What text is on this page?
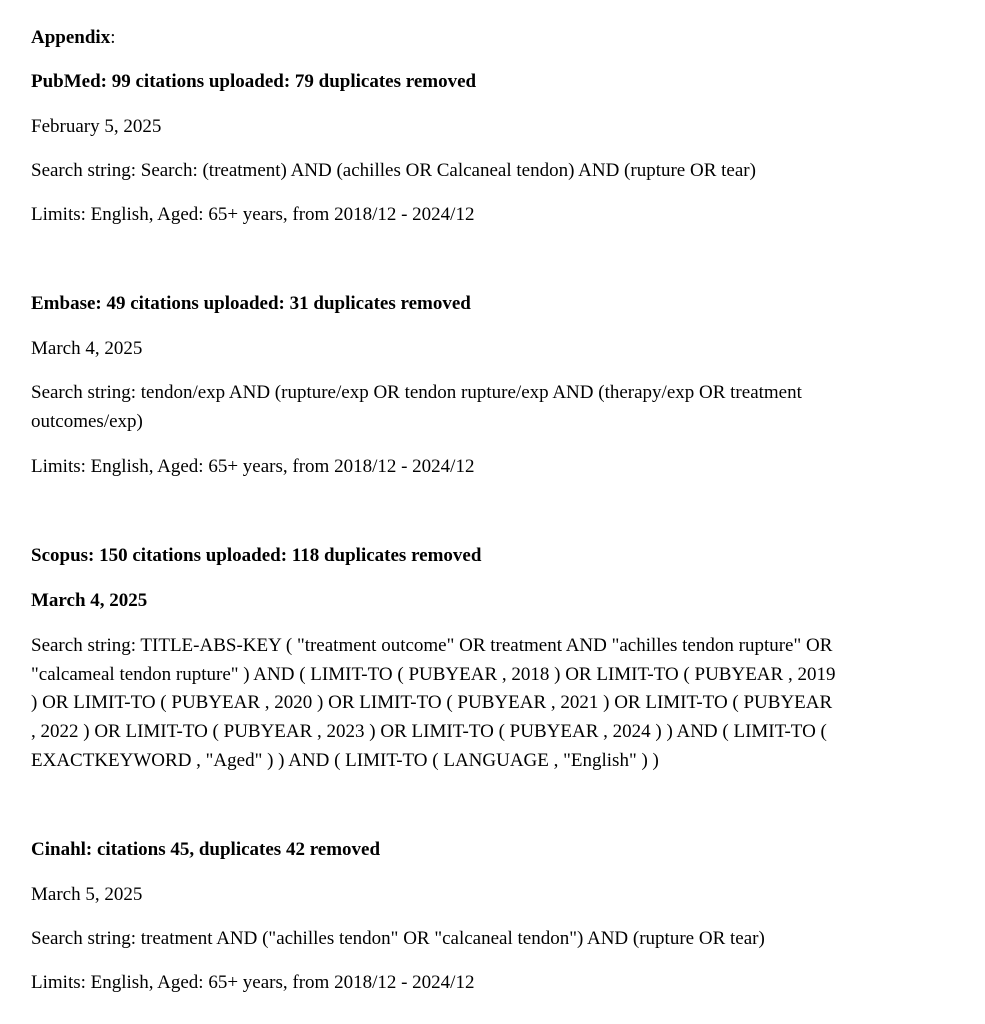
Appendix:
PubMed: 99 citations uploaded: 79 duplicates removed
February 5, 2025
Search string: Search: (treatment) AND (achilles OR Calcaneal tendon) AND (rupture OR tear)
Limits: English, Aged: 65+ years, from 2018/12 - 2024/12
Embase: 49 citations uploaded: 31 duplicates removed
March 4, 2025
Search string: tendon/exp AND (rupture/exp OR tendon rupture/exp AND (therapy/exp OR treatment
outcomes/exp)
Limits: English, Aged: 65+ years, from 2018/12 - 2024/12
Scopus: 150 citations uploaded: 118 duplicates removed
March 4, 2025
Search string: TITLE-ABS-KEY ( "treatment outcome" OR treatment AND "achilles tendon rupture" OR
"calcameal tendon rupture" ) AND ( LIMIT-TO ( PUBYEAR , 2018 ) OR LIMIT-TO ( PUBYEAR , 2019
) OR LIMIT-TO ( PUBYEAR , 2020 ) OR LIMIT-TO ( PUBYEAR , 2021 ) OR LIMIT-TO ( PUBYEAR
, 2022 ) OR LIMIT-TO ( PUBYEAR , 2023 ) OR LIMIT-TO ( PUBYEAR , 2024 ) ) AND ( LIMIT-TO (
EXACTKEYWORD , "Aged" ) ) AND ( LIMIT-TO ( LANGUAGE , "English" ) )
Cinahl: citations 45, duplicates 42 removed
March 5, 2025
Search string: treatment AND ("achilles tendon" OR "calcaneal tendon") AND (rupture OR tear)
Limits: English, Aged: 65+ years, from 2018/12 - 2024/12
